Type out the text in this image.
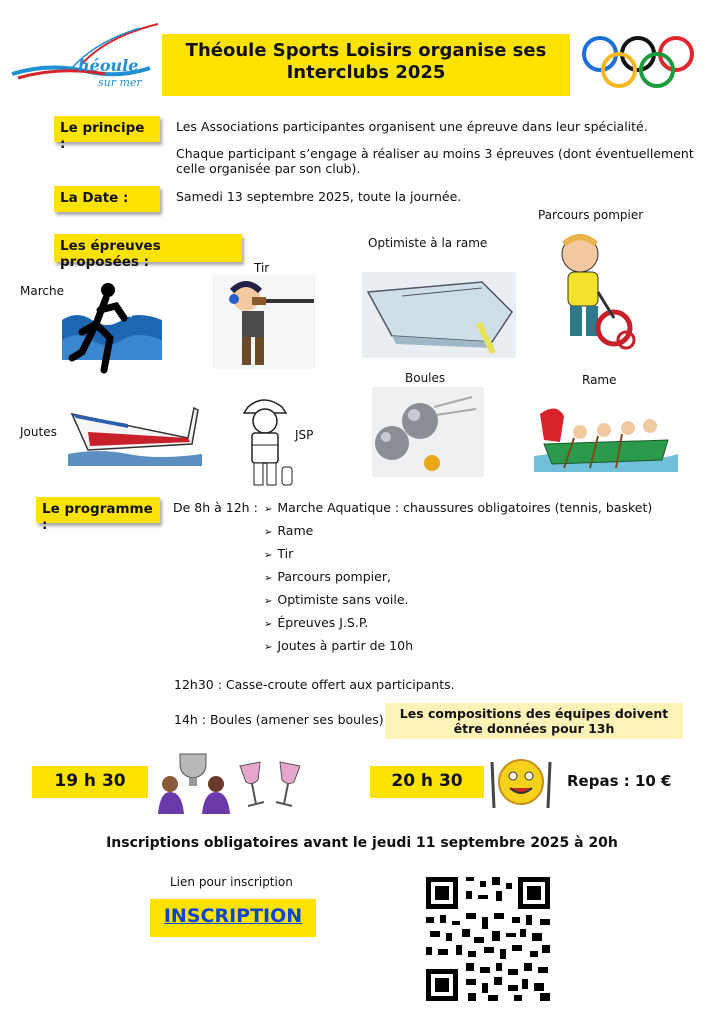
héoule
sur mer
Théoule Sports Loisirs organise ses
Interclubs 2025
Le principe :
Les Associations participantes organisent une épreuve dans leur spécialité.
Chaque participant s’engage à réaliser au moins 3 épreuves (dont éventuellement celle organisée par son club).
La Date :	Samedi 13 septembre 2025, toute la journée.
Les épreuves proposées :
Marche
Tir
Optimiste à la rame
Parcours pompier
Joutes	JSP
Boules	Rame
Le programme :
De 8h à 12h :
➢	Marche Aquatique : chaussures obligatoires (tennis, basket)
➢ Rame
➢ Tir
➢ Parcours pompier,
➢ Optimiste sans voile.
➢ Épreuves J.S.P.
➢ Joutes à partir de 10h
12h30 : Casse-croute offert aux participants.
14h : Boules (amener ses boules)	Les compositions des équipes doivent être données pour 13h
19 h 30	20 h 30	Repas : 10 €
Inscriptions obligatoires avant le jeudi 11 septembre 2025 à 20h
Lien pour inscription
INSCRIPTION
